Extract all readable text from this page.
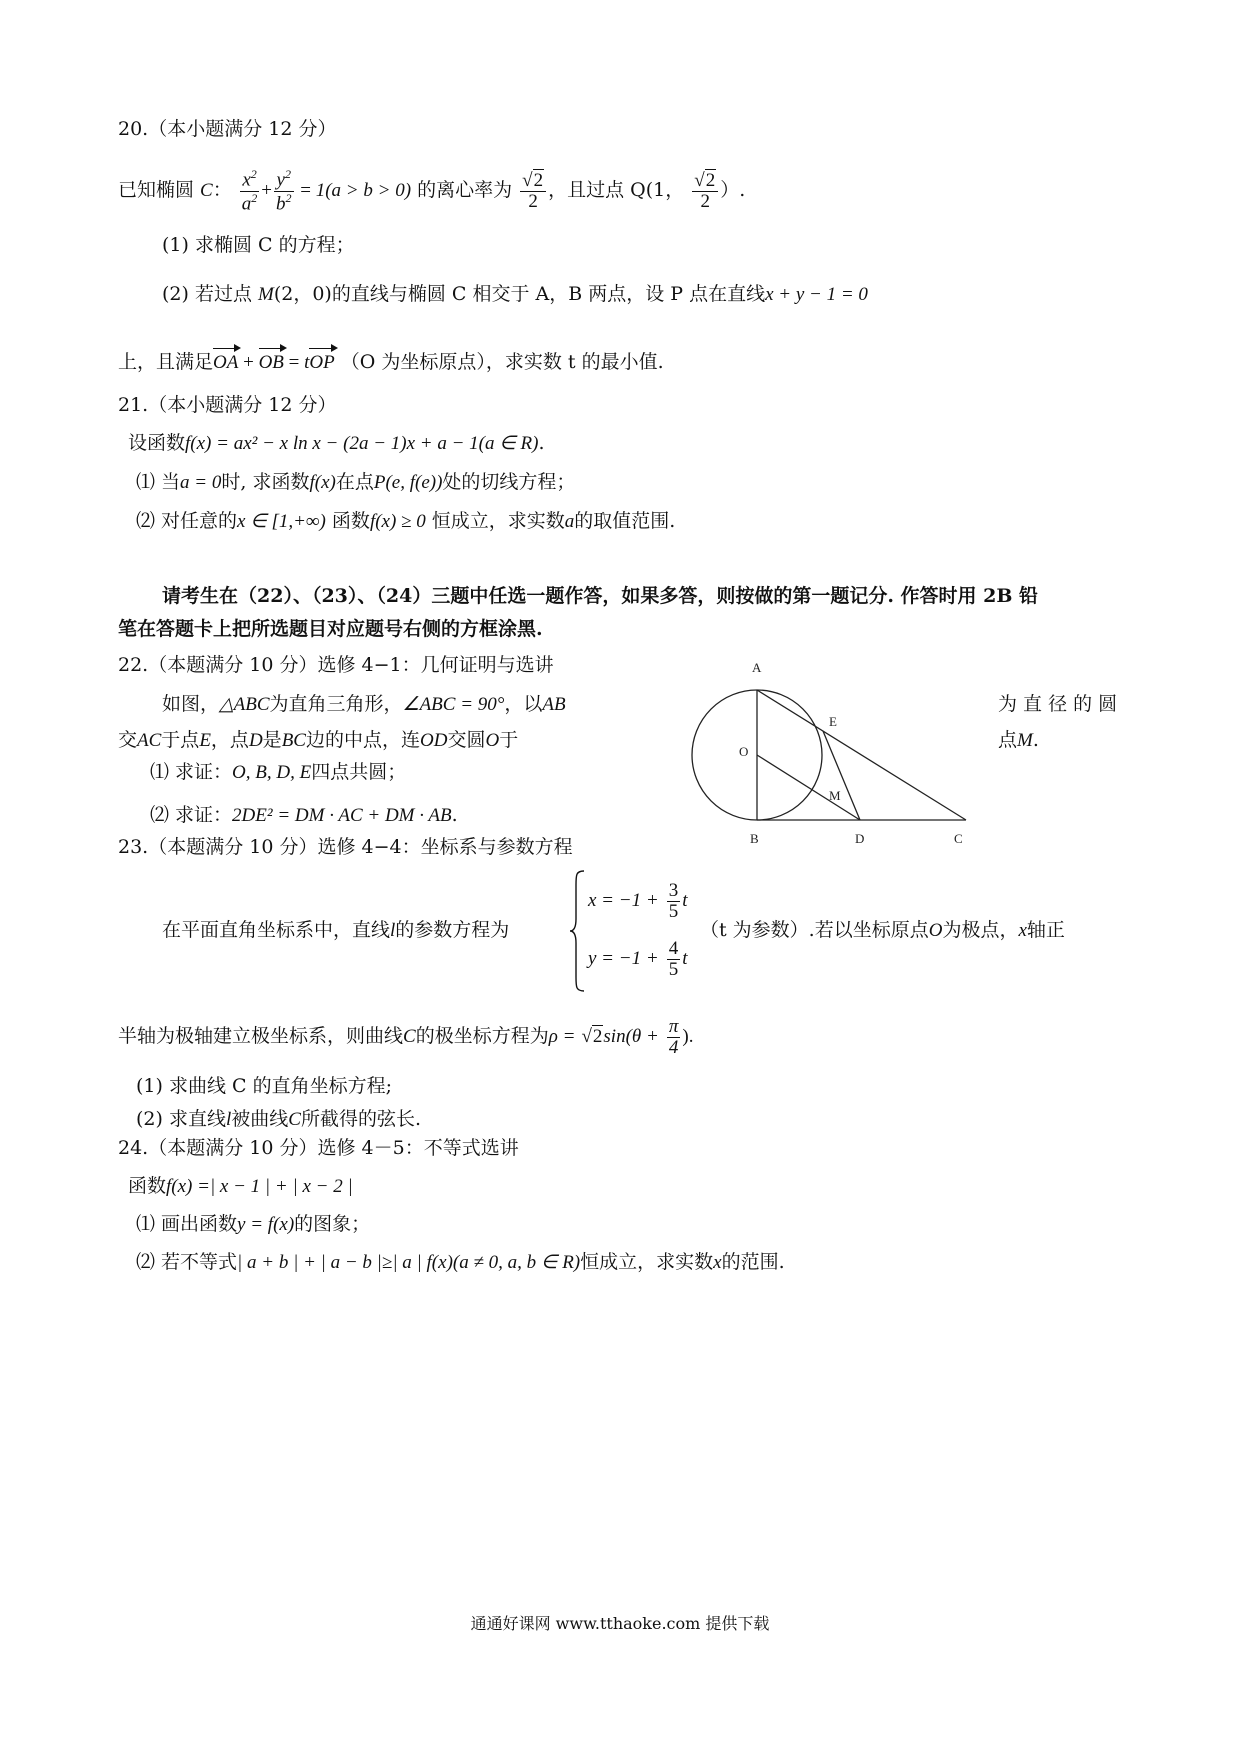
20.（本小题满分 12 分）
已知椭圆 C： $\frac{x^2}{a^2} + \frac{y^2}{b^2} = 1(a > b > 0)$ 的离心率为 $\frac{√2}{2}$ ，且过点 Q(1， $\frac{√2}{2}$ ）.
(1) 求椭圆 C 的方程；
(2) 若过点 M(2，0)的直线与椭圆 C 相交于 A，B 两点，设 P 点在直线x + y − 1 = 0
上，且满足OA + OB = tOP （O 为坐标原点），求实数 t 的最小值.
21.（本小题满分 12 分）
设函数f(x) = ax² − x ln x − (2a − 1)x + a − 1(a ∈ R).
⑴ 当a = 0时, 求函数f(x)在点P(e, f(e))处的切线方程；
⑵ 对任意的x ∈ [1,+∞) 函数f(x) ≥ 0 恒成立，求实数a的取值范围.
请考生在（22）、（23）、（24）三题中任选一题作答，如果多答，则按做的第一题记分. 作答时用 2B 铅
笔在答题卡上把所选题目对应题号右侧的方框涂黑.
22.（本题满分 10 分）选修 4−1：几何证明与选讲
如图，△ABC为直角三角形，∠ABC = 90°，以AB	为 直 径 的 圆
交AC于点E，点D是BC边的中点，连OD交圆O于	点M.
⑴ 求证：O, B, D, E四点共圆；
⑵ 求证：2DE² = DM · AC + DM · AB.
A
B	C
D
E
O
M
23.（本题满分 10 分）选修 4−4：坐标系与参数方程
$x = -1 + \frac{3}{5}$ t
$y = -1 + \frac{4}{5}$ t
在平面直角坐标系中，直线l的参数方程为	（t 为参数）.若以坐标原点O为极点，x轴正
半轴为极轴建立极坐标系，则曲线C的极坐标方程为$\rho = √2\sin(\theta + \frac{\pi}{4}$ ).
(1) 求曲线 C 的直角坐标方程;
(2) 求直线l被曲线C所截得的弦长.
24.（本题满分 10 分）选修 4－5：不等式选讲
函数f(x) =| x − 1 | + | x − 2 |
⑴ 画出函数y = f(x)的图象；
⑵ 若不等式| a + b | + | a − b |≥| a | f(x)(a ≠ 0, a, b ∈ R)恒成立，求实数x的范围.
通通好课网 www.tthaoke.com 提供下载
